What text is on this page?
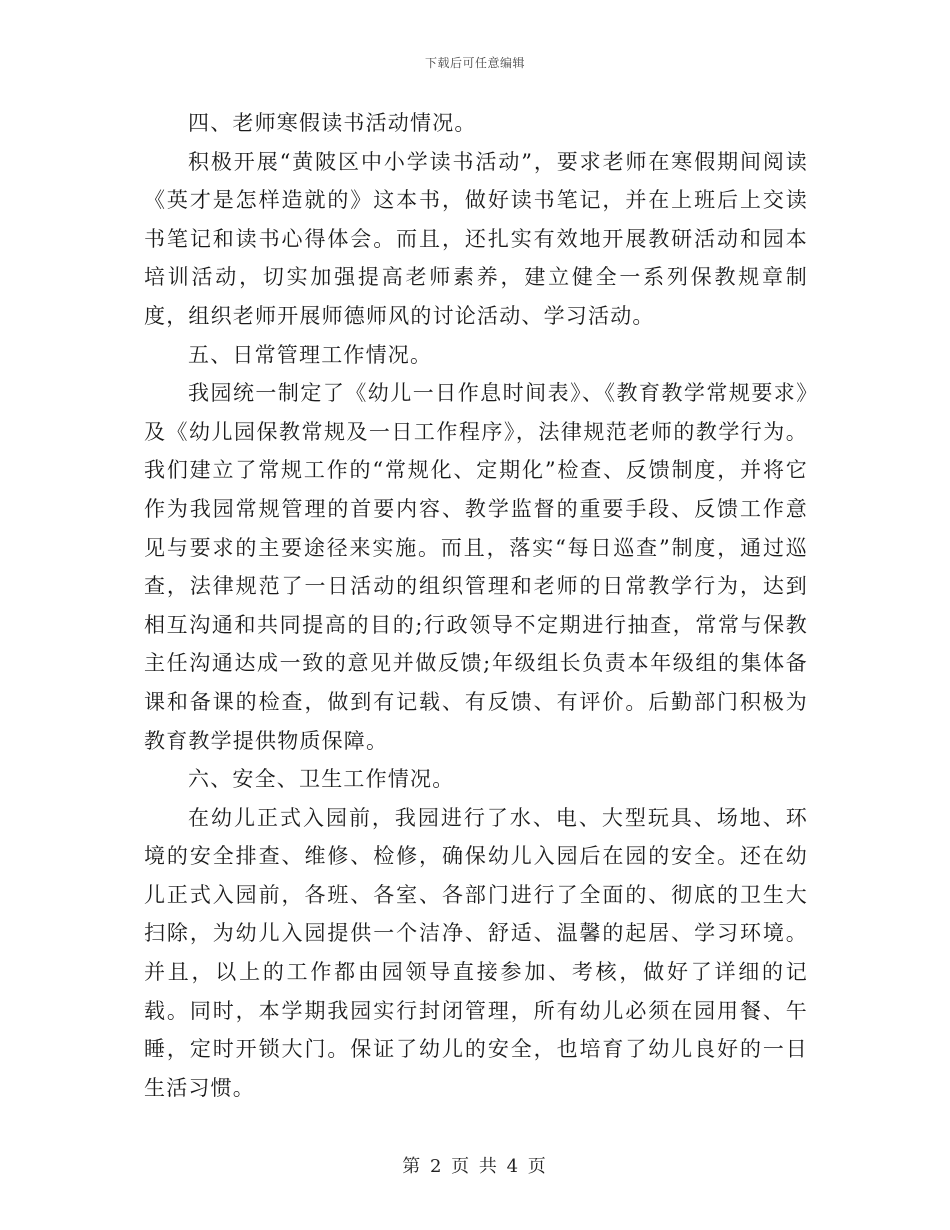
下载后可任意编辑

四、老师寒假读书活动情况。

积极开展“黄陂区中小学读书活动”，要求老师在寒假期间阅读《英才是怎样造就的》这本书，做好读书笔记，并在上班后上交读书笔记和读书心得体会。而且，还扎实有效地开展教研活动和园本培训活动，切实加强提高老师素养，建立健全一系列保教规章制度，组织老师开展师德师风的讨论活动、学习活动。

五、日常管理工作情况。

我园统一制定了《幼儿一日作息时间表》、《教育教学常规要求》及《幼儿园保教常规及一日工作程序》，法律规范老师的教学行为。我们建立了常规工作的“常规化、定期化”检查、反馈制度，并将它作为我园常规管理的首要内容、教学监督的重要手段、反馈工作意见与要求的主要途径来实施。而且，落实“每日巡查”制度，通过巡查，法律规范了一日活动的组织管理和老师的日常教学行为，达到相互沟通和共同提高的目的;行政领导不定期进行抽查，常常与保教主任沟通达成一致的意见并做反馈;年级组长负责本年级组的集体备课和备课的检查，做到有记载、有反馈、有评价。后勤部门积极为教育教学提供物质保障。

六、安全、卫生工作情况。

在幼儿正式入园前，我园进行了水、电、大型玩具、场地、环境的安全排查、维修、检修，确保幼儿入园后在园的安全。还在幼儿正式入园前，各班、各室、各部门进行了全面的、彻底的卫生大扫除，为幼儿入园提供一个洁净、舒适、温馨的起居、学习环境。并且，以上的工作都由园领导直接参加、考核，做好了详细的记载。同时，本学期我园实行封闭管理，所有幼儿必须在园用餐、午睡，定时开锁大门。保证了幼儿的安全，也培育了幼儿良好的一日生活习惯。

第 2 页 共 4 页
